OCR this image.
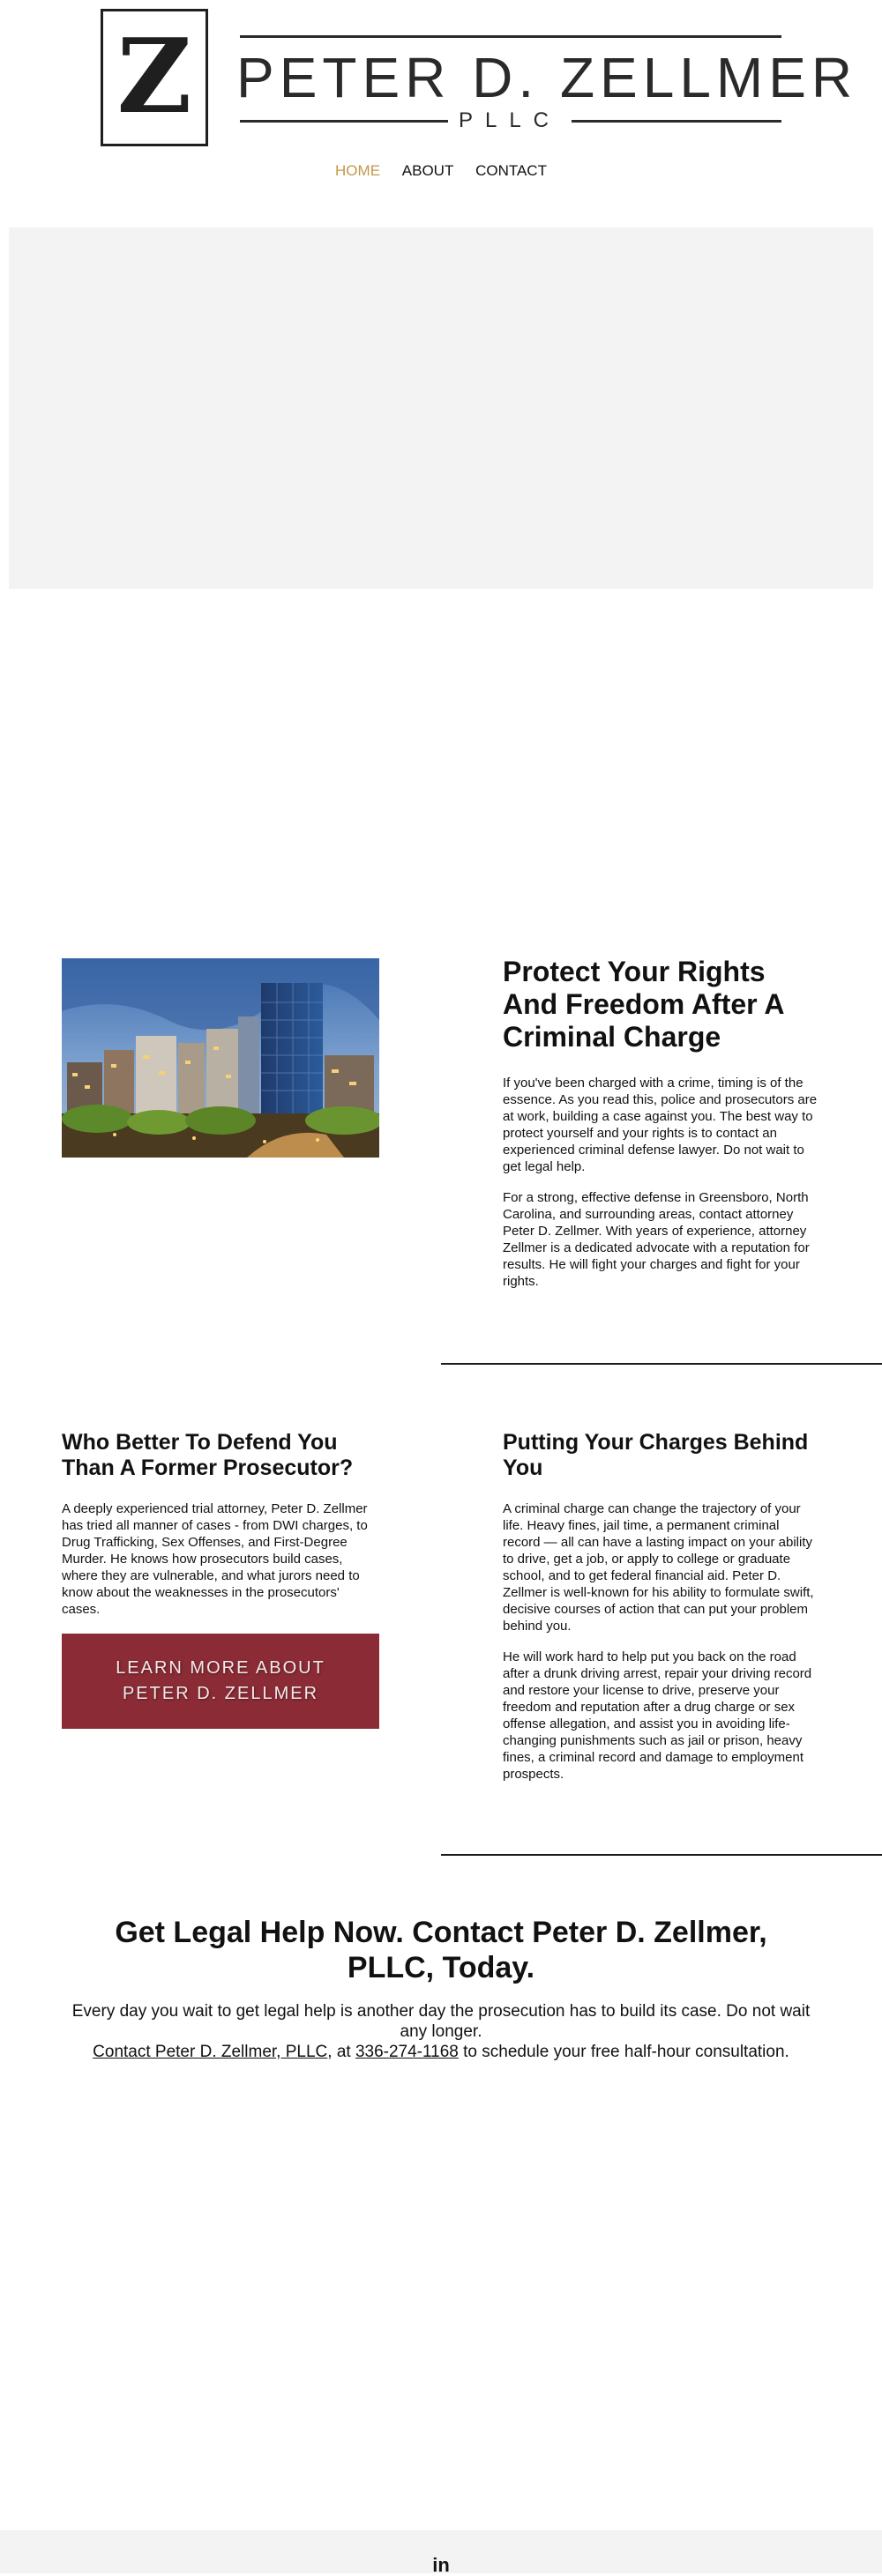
Z PETER D. ZELLMER
PLLC
HOME ABOUT CONTACT
Protect Your Rights And Freedom After A Criminal Charge

If you've been charged with a crime, timing is of the essence. As you read this, police and prosecutors are at work, building a case against you. The best way to protect yourself and your rights is to contact an experienced criminal defense lawyer. Do not wait to get legal help.

For a strong, effective defense in Greensboro, North Carolina, and surrounding areas, contact attorney Peter D. Zellmer. With years of experience, attorney Zellmer is a dedicated advocate with a reputation for results. He will fight your charges and fight for your rights.

Who Better To Defend You Than A Former Prosecutor?

A deeply experienced trial attorney, Peter D. Zellmer has tried all manner of cases - from DWI charges, to Drug Trafficking, Sex Offenses, and First-Degree Murder. He knows how prosecutors build cases, where they are vulnerable, and what jurors need to know about the weaknesses in the prosecutors' cases.

LEARN MORE ABOUT PETER D. ZELLMER
Putting Your Charges Behind You

A criminal charge can change the trajectory of your life. Heavy fines, jail time, a permanent criminal record — all can have a lasting impact on your ability to drive, get a job, or apply to college or graduate school, and to get federal financial aid. Peter D. Zellmer is well-known for his ability to formulate swift, decisive courses of action that can put your problem behind you.

He will work hard to help put you back on the road after a drunk driving arrest, repair your driving record and restore your license to drive, preserve your freedom and reputation after a drug charge or sex offense allegation, and assist you in avoiding life-changing punishments such as jail or prison, heavy fines, a criminal record and damage to employment prospects.

Get Legal Help Now. Contact Peter D. Zellmer, PLLC, Today.

Every day you wait to get legal help is another day the prosecution has to build its case. Do not wait any longer.
Contact Peter D. Zellmer, PLLC, at 336-274-1168 to schedule your free half-hour consultation.

in
